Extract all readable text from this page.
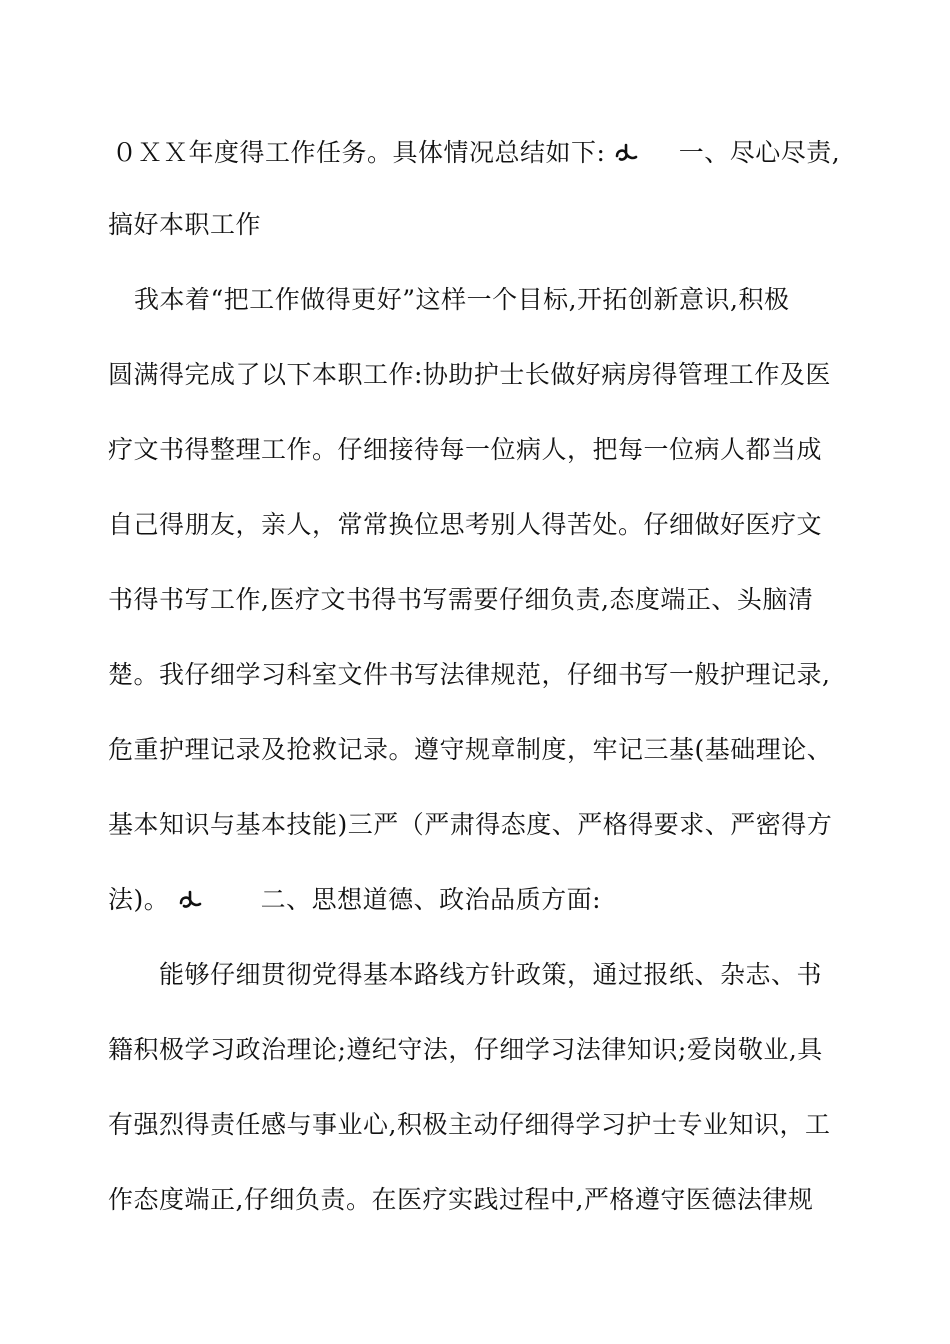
０ＸＸ年度得工作任务。具体情况总结如下:	一、尽心尽责,
搞好本职工作
我本着“把工作做得更好”这样一个目标,开拓创新意识,积极
圆满得完成了以下本职工作:协助护士长做好病房得管理工作及医
疗文书得整理工作。仔细接待每一位病人，把每一位病人都当成
自己得朋友，亲人，常常换位思考别人得苦处。仔细做好医疗文
书得书写工作,医疗文书得书写需要仔细负责,态度端正、头脑清
楚。我仔细学习科室文件书写法律规范，仔细书写一般护理记录,
危重护理记录及抢救记录。遵守规章制度，牢记三基(基础理论、
基本知识与基本技能)三严（严肃得态度、严格得要求、严密得方
法)。	二、思想道德、政治品质方面:
能够仔细贯彻党得基本路线方针政策，通过报纸、杂志、书
籍积极学习政治理论;遵纪守法，仔细学习法律知识;爱岗敬业,具
有强烈得责任感与事业心,积极主动仔细得学习护士专业知识，工
作态度端正,仔细负责。在医疗实践过程中,严格遵守医德法律规
